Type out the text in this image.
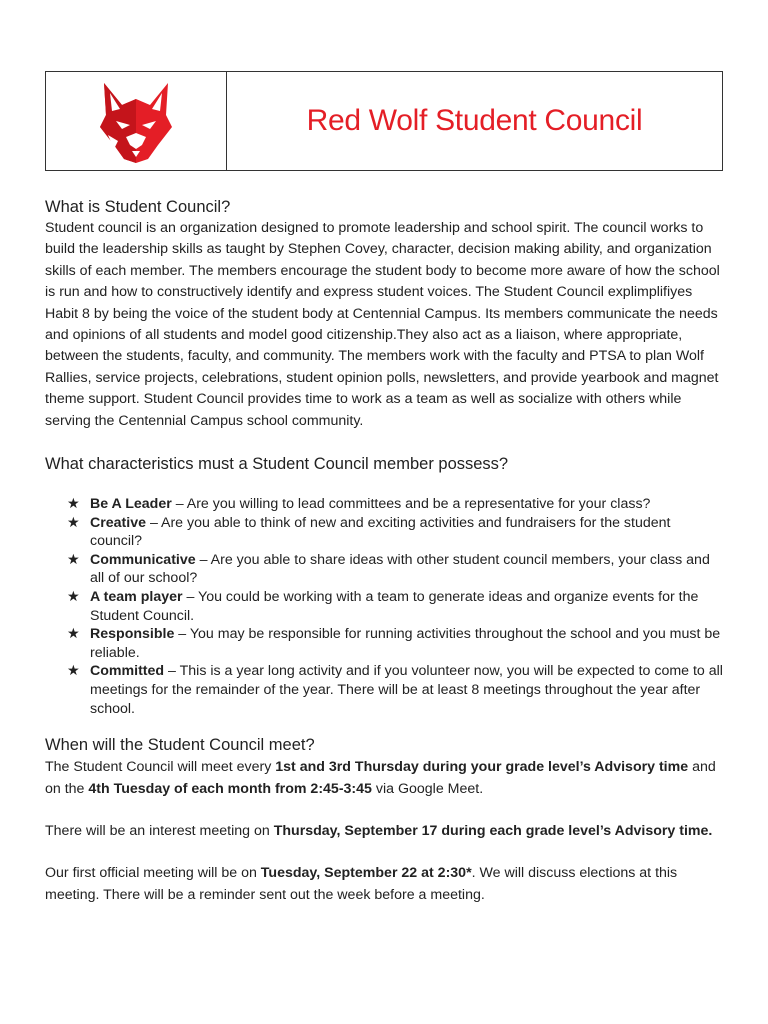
Red Wolf Student Council
What is Student Council?

Student council is an organization designed to promote leadership and school spirit. The council works to build the leadership skills as taught by Stephen Covey, character, decision making ability, and organization skills of each member. The members encourage the student body to become more aware of how the school is run and how to constructively identify and express student voices. The Student Council explimplifiyes Habit 8 by being the voice of the student body at Centennial Campus. Its members communicate the needs and opinions of all students and model good citizenship.They also act as a liaison, where appropriate, between the students, faculty, and community. The members work with the faculty and PTSA to plan Wolf Rallies, service projects, celebrations, student opinion polls, newsletters, and provide yearbook and magnet theme support. Student Council provides time to work as a team as well as socialize with others while serving the Centennial Campus school community.

What characteristics must a Student Council member possess?
★ Be A Leader – Are you willing to lead committees and be a representative for your class?
★ Creative – Are you able to think of new and exciting activities and fundraisers for the student council?
★ Communicative – Are you able to share ideas with other student council members, your class and all of our school?
★ A team player – You could be working with a team to generate ideas and organize events for the Student Council.
★ Responsible – You may be responsible for running activities throughout the school and you must be reliable.
★ Committed – This is a year long activity and if you volunteer now, you will be expected to come to all meetings for the remainder of the year. There will be at least 8 meetings throughout the year after school.
When will the Student Council meet?

The Student Council will meet every 1st and 3rd Thursday during your grade level’s Advisory time and on the 4th Tuesday of each month from 2:45-3:45 via Google Meet.

There will be an interest meeting on Thursday, September 17 during each grade level’s Advisory time.

Our first official meeting will be on Tuesday, September 22 at 2:30*. We will discuss elections at this meeting. There will be a reminder sent out the week before a meeting.
